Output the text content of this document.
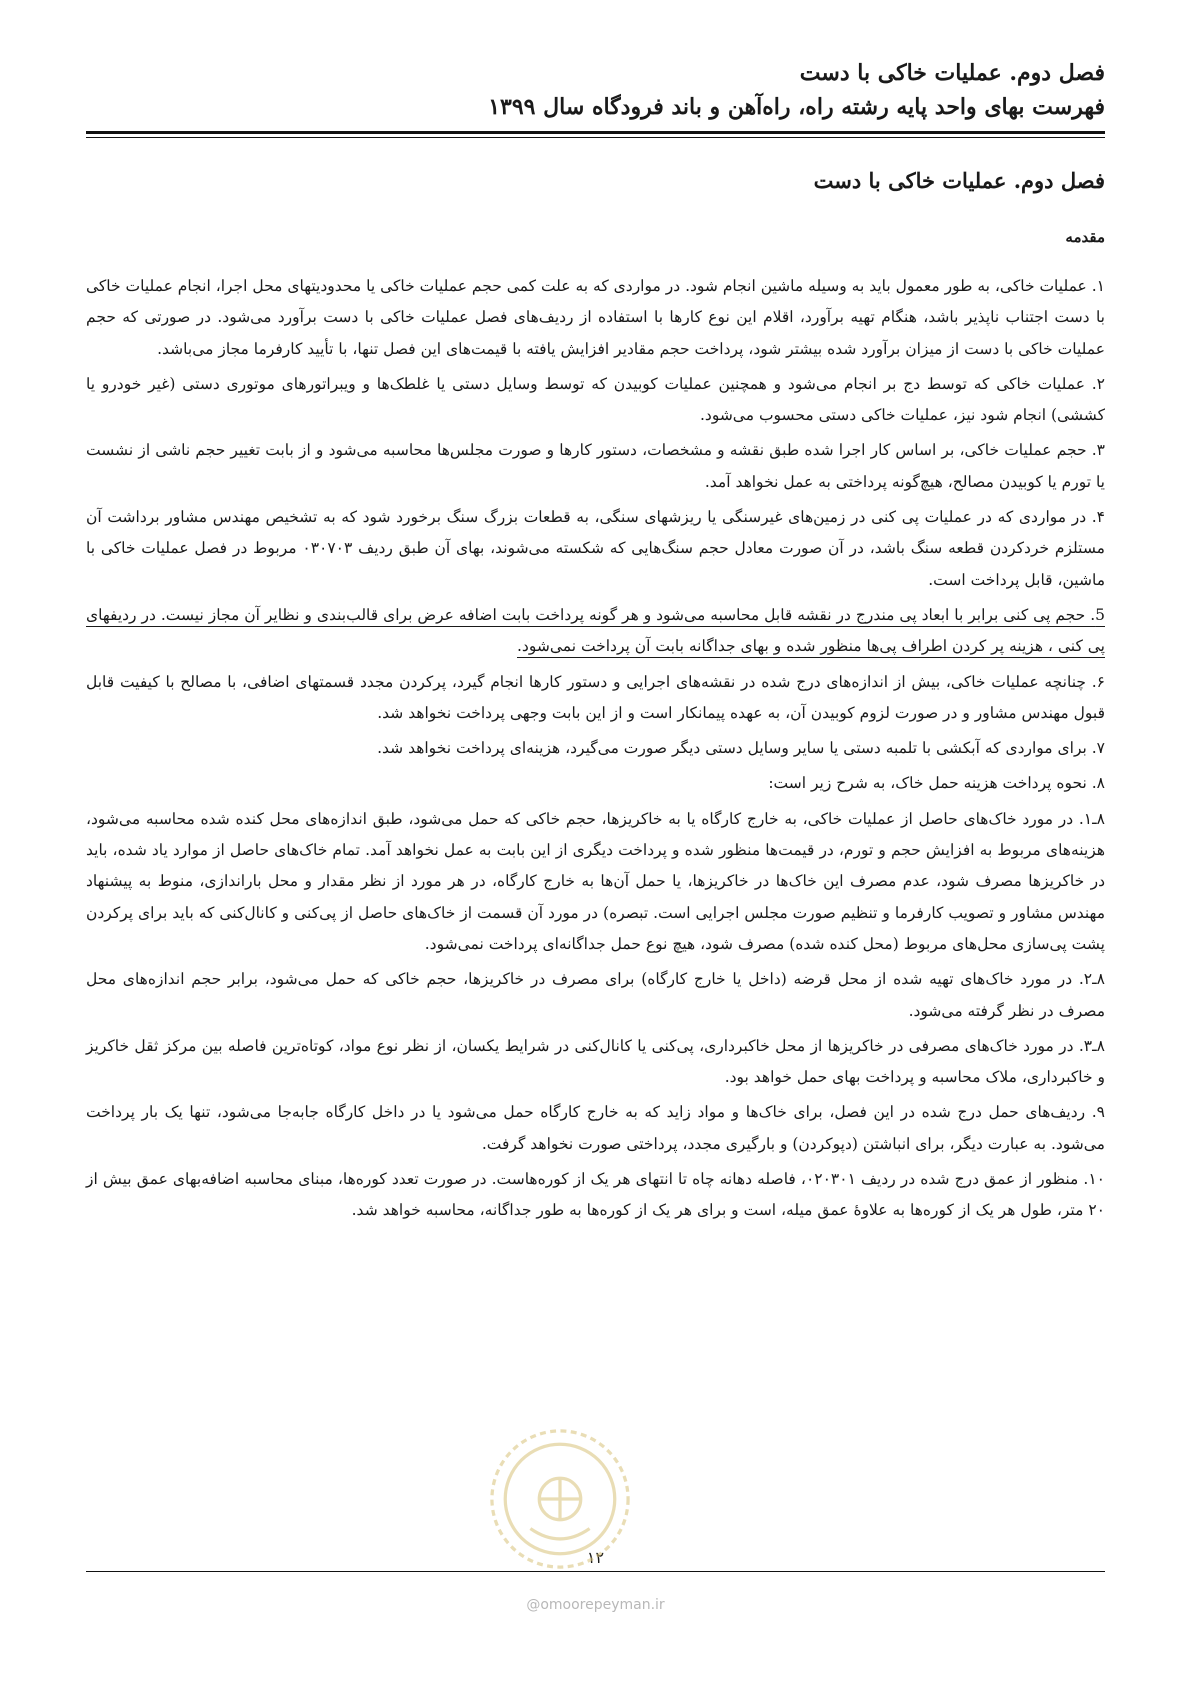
فصل دوم. عملیات خاکی با دست
فهرست بهای واحد پایه رشته راه، راه‌آهن و باند فرودگاه سال ۱۳۹۹
فصل دوم. عملیات خاکی با دست
مقدمه

۱. عملیات خاکی، به طور معمول باید به وسیله ماشین انجام شود. در مواردی که به علت کمی حجم عملیات خاکی یا محدودیتهای محل اجرا، انجام عملیات خاکی با دست اجتناب ناپذیر باشد، هنگام تهیه برآورد، اقلام این نوع کارها با استفاده از ردیف‌های فصل عملیات خاکی با دست برآورد می‌شود. در صورتی که حجم عملیات خاکی با دست از میزان برآورد شده بیشتر شود، پرداخت حجم مقادیر افزایش یافته با قیمت‌های این فصل تنها، با تأیید کارفرما مجاز می‌باشد.

۲. عملیات خاکی که توسط دج بر انجام می‌شود و همچنین عملیات کوبیدن که توسط وسایل دستی یا غلطک‌ها و ویبراتورهای موتوری دستی (غیر خودرو یا کششی) انجام شود نیز، عملیات خاکی دستی محسوب می‌شود.

۳. حجم عملیات خاکی، بر اساس کار اجرا شده طبق نقشه و مشخصات، دستور کارها و صورت مجلس‌ها محاسبه می‌شود و از بابت تغییر حجم ناشی از نشست یا تورم یا کوبیدن مصالح، هیچ‌گونه پرداختی به عمل نخواهد آمد.

۴. در مواردی که در عملیات پی کنی در زمین‌های غیرسنگی یا ریزشهای سنگی، به قطعات بزرگ سنگ برخورد شود که به تشخیص مهندس مشاور برداشت آن مستلزم خردکردن قطعه سنگ باشد، در آن صورت معادل حجم سنگ‌هایی که شکسته می‌شوند، بهای آن طبق ردیف ۰۳۰۷۰۳ مربوط در فصل عملیات خاکی با ماشین، قابل پرداخت است.

5. حجم پی کنی برابر با ابعاد پی مندرج در نقشه قابل محاسبه می‌شود و هر گونه پرداخت بابت اضافه عرض برای قالب‌بندی و نظایر آن مجاز نیست. در ردیفهای پی کنی ، هزینه پر کردن اطراف پی‌ها منظور شده و بهای جداگانه بابت آن پرداخت نمی‌شود.

۶. چنانچه عملیات خاکی، بیش از اندازه‌های درج شده در نقشه‌های اجرایی و دستور کارها انجام گیرد، پرکردن مجدد قسمتهای اضافی، با مصالح با کیفیت قابل قبول مهندس مشاور و در صورت لزوم کوبیدن آن، به عهده پیمانکار است و از این بابت وجهی پرداخت نخواهد شد.

۷. برای مواردی که آبکشی با تلمبه دستی یا سایر وسایل دستی دیگر صورت می‌گیرد، هزینه‌ای پرداخت نخواهد شد.

۸. نحوه پرداخت هزینه حمل خاک، به شرح زیر است:

۸ـ۱. در مورد خاک‌های حاصل از عملیات خاکی، به خارج کارگاه یا به خاکریزها، حجم خاکی که حمل می‌شود، طبق اندازه‌های محل کنده شده محاسبه می‌شود، هزینه‌های مربوط به افزایش حجم و تورم، در قیمت‌ها منظور شده و پرداخت دیگری از این بابت به عمل نخواهد آمد. تمام خاک‌های حاصل از موارد یاد شده، باید در خاکریزها مصرف شود، عدم مصرف این خاک‌ها در خاکریزها، یا حمل آن‌ها به خارج کارگاه، در هر مورد از نظر مقدار و محل باراندازی، منوط به پیشنهاد مهندس مشاور و تصویب کارفرما و تنظیم صورت مجلس اجرایی است. تبصره) در مورد آن قسمت از خاک‌های حاصل از پی‌کنی و کانال‌کنی که باید برای پرکردن پشت پی‌سازی محل‌های مربوط (محل کنده شده) مصرف شود، هیچ نوع حمل جداگانه‌ای پرداخت نمی‌شود.

۸ـ۲. در مورد خاک‌های تهیه شده از محل قرضه (داخل یا خارج کارگاه) برای مصرف در خاکریزها، حجم خاکی که حمل می‌شود، برابر حجم اندازه‌های محل مصرف در نظر گرفته می‌شود.

۸ـ۳. در مورد خاک‌های مصرفی در خاکریزها از محل خاکبرداری، پی‌کنی یا کانال‌کنی در شرایط یکسان، از نظر نوع مواد، کوتاه‌ترین فاصله بین مرکز ثقل خاکریز و خاکبرداری، ملاک محاسبه و پرداخت بهای حمل خواهد بود.

۹. ردیف‌های حمل درج شده در این فصل، برای خاک‌ها و مواد زاید که به خارج کارگاه حمل می‌شود یا در داخل کارگاه جابه‌جا می‌شود، تنها یک بار پرداخت می‌شود. به عبارت دیگر، برای انباشتن (دپوکردن) و بارگیری مجدد، پرداختی صورت نخواهد گرفت.

۱۰. منظور از عمق درج شده در ردیف ۰۲۰۳۰۱، فاصله دهانه چاه تا انتهای هر یک از کوره‌هاست. در صورت تعدد کوره‌ها، مبنای محاسبه اضافه‌بهای عمق بیش از ۲۰ متر، طول هر یک از کوره‌ها به علاوهٔ عمق میله، است و برای هر یک از کوره‌ها به طور جداگانه، محاسبه خواهد شد.

۱۲
@omoorepeyman.ir
